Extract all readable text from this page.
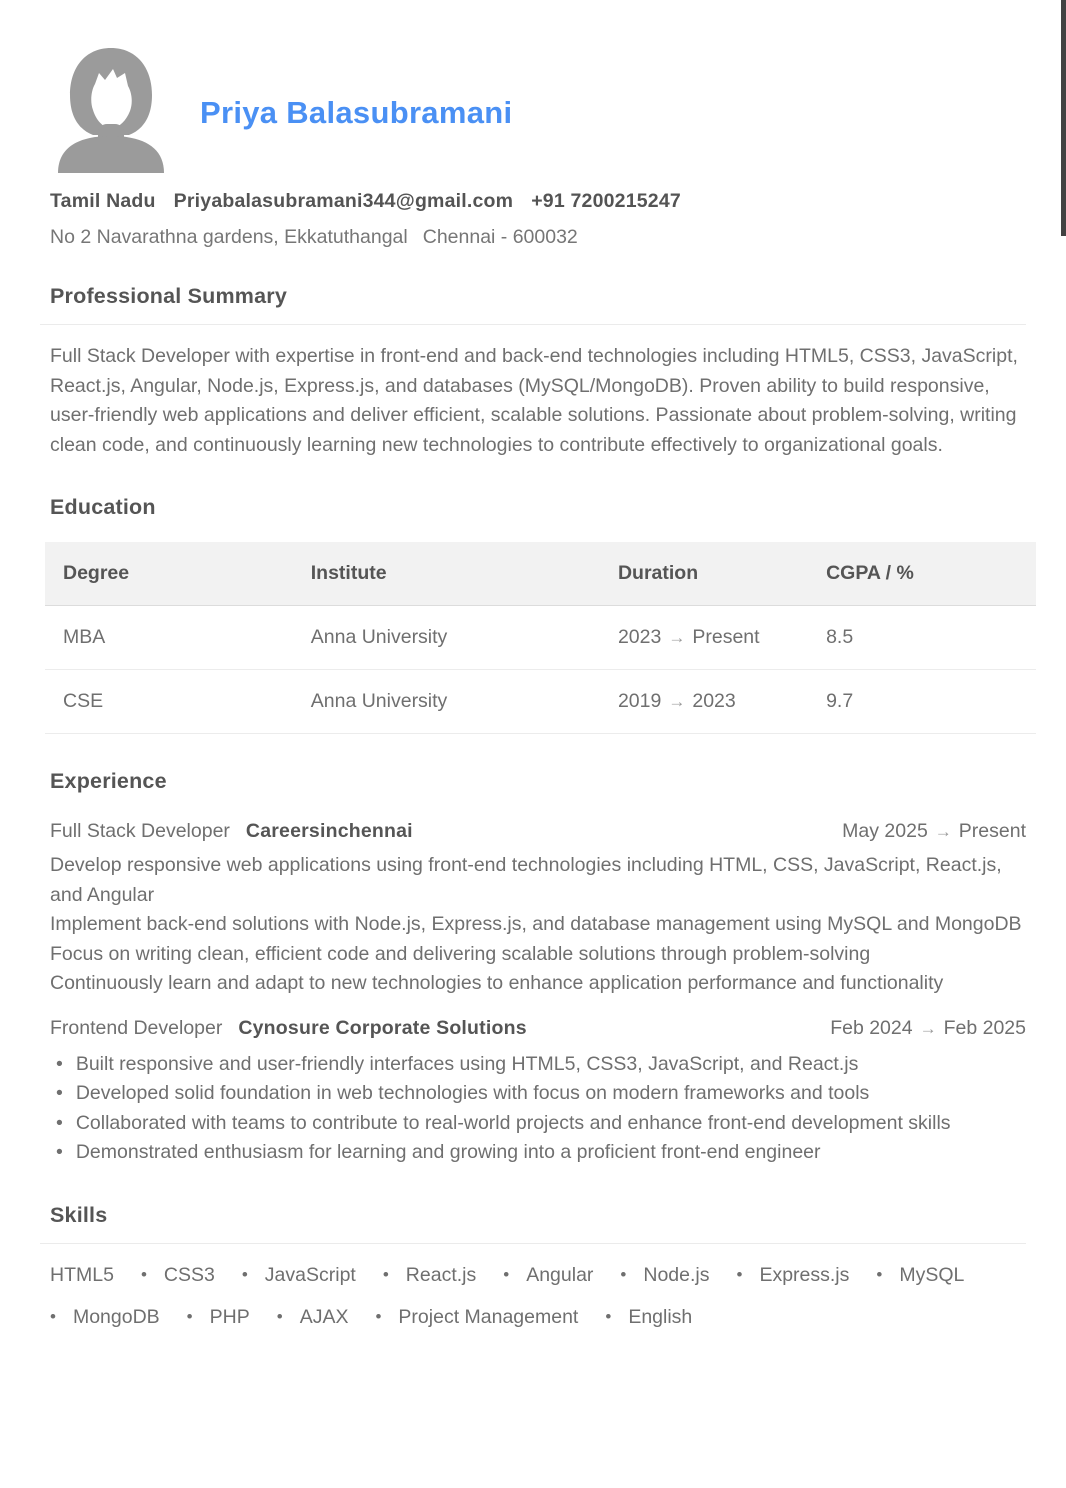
Priya Balasubramani
Tamil Nadu Priyabalasubramani344@gmail.com +91 7200215247
No 2 Navarathna gardens, Ekkatuthangal Chennai - 600032
Professional Summary

Full Stack Developer with expertise in front-end and back-end technologies including HTML5, CSS3, JavaScript, React.js, Angular, Node.js, Express.js, and databases (MySQL/MongoDB). Proven ability to build responsive, user-friendly web applications and deliver efficient, scalable solutions. Passionate about problem-solving, writing clean code, and continuously learning new technologies to contribute effectively to organizational goals.

Education
Degree	Institute	Duration	CGPA / %
MBA	Anna University	2023 → Present	8.5
CSE	Anna University	2019 → 2023	9.7
Experience
Full Stack Developer Careersinchennai	May 2025 → Present

Develop responsive web applications using front-end technologies including HTML, CSS, JavaScript, React.js, and Angular

Implement back-end solutions with Node.js, Express.js, and database management using MySQL and MongoDB

Focus on writing clean, efficient code and delivering scalable solutions through problem-solving

Continuously learn and adapt to new technologies to enhance application performance and functionality

Frontend Developer Cynosure Corporate Solutions	Feb 2024 → Feb 2025
• Built responsive and user-friendly interfaces using HTML5, CSS3, JavaScript, and React.js
• Developed solid foundation in web technologies with focus on modern frameworks and tools
• Collaborated with teams to contribute to real-world projects and enhance front-end development skills
• Demonstrated enthusiasm for learning and growing into a proficient front-end engineer
Skills
HTML5 • CSS3 • JavaScript • React.js • Angular • Node.js • Express.js • MySQL
• MongoDB • PHP • AJAX • Project Management • English
